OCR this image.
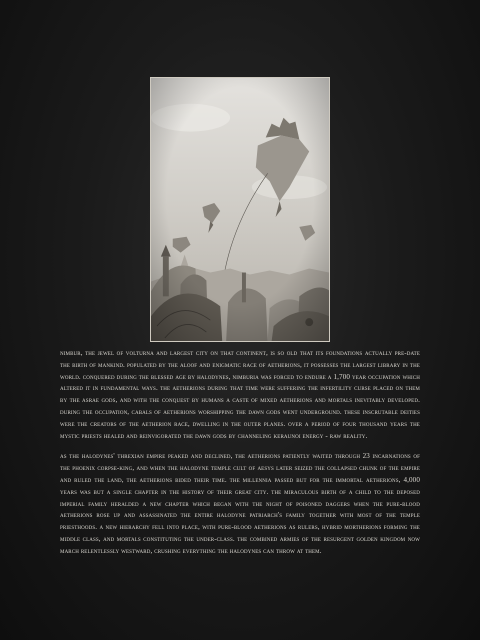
nimbur, the jewel of volturna and largest city on that continent, is so old that its foundations actually pre-date the birth of mankind. populated by the aloof and enigmatic race of aetherions, it possesses the largest library in the world. conquered during the blessed age by halodynes, nimburia was forced to endure a 1,700 year occupation which altered it in fundamental ways. the aetherions during that time were suffering the infertility curse placed on them by the asrae gods, and with the conquest by humans a caste of mixed aetherions and mortals inevitably developed. during the occupation, cabals of aetherions worshipping the dawn gods went underground. these inscrutable deities were the creators of the aetherion race, dwelling in the outer planes. over a period of four thousand years the mystic priests healed and reinvigorated the dawn gods by channeling keraunoi energy - raw reality.

as the halodynes' threxian empire peaked and declined, the aetherions patiently waited through 23 incarnations of the phoenix corpse-king, and when the halodyne temple cult of aesys later seized the collapsed chunk of the empire and ruled the land, the aetherions bided their time. the millennia passed but for the immortal aetherions, 4,000 years was but a single chapter in the history of their great city. the miraculous birth of a child to the deposed imperial family heralded a new chapter which began with the night of poisoned daggers when the pure-blood aetherions rose up and assassinated the entire halodyne patriarch's family together with most of the temple priesthoods. a new hierarchy fell into place, with pure-blood aetherions as rulers, hybrid mortherions forming the middle class, and mortals constituting the under-class. the combined armies of the resurgent golden kingdom now march relentlessly westward, crushing everything the halodynes can throw at them.
